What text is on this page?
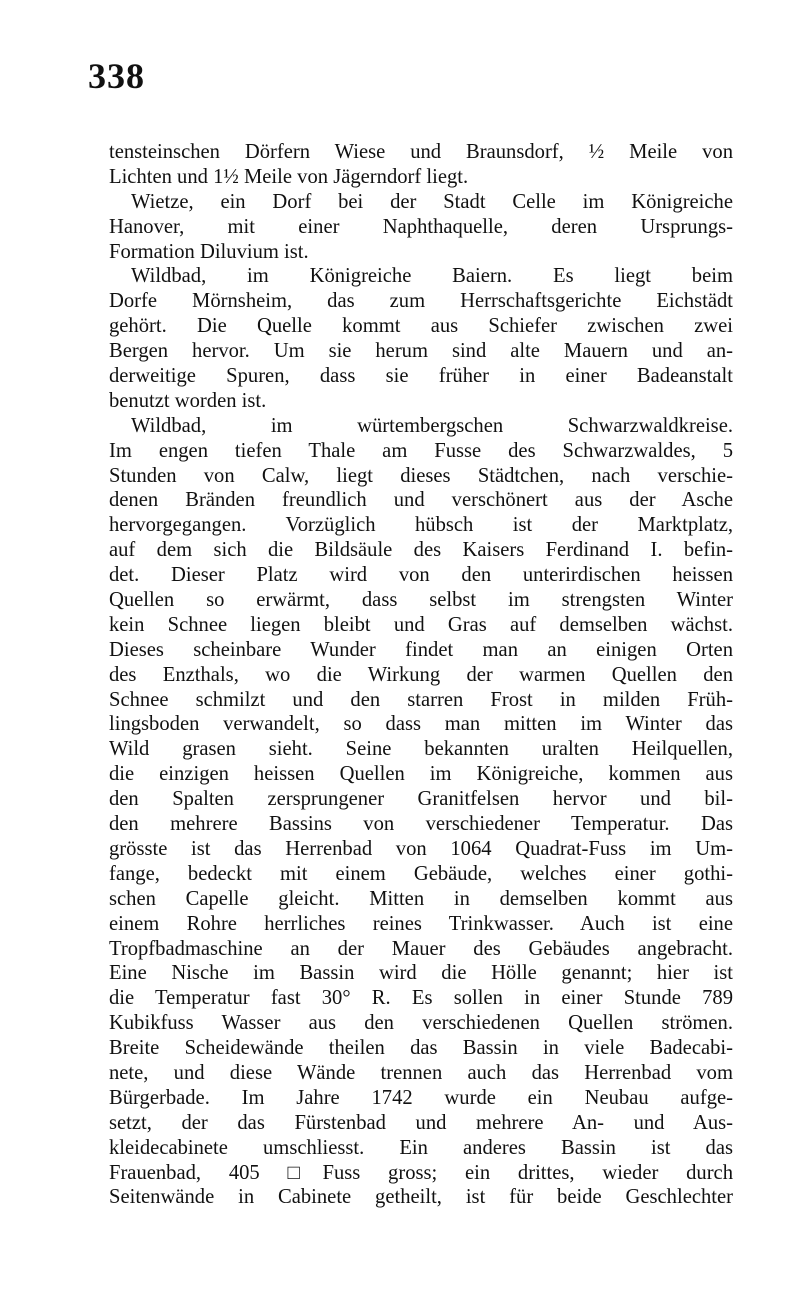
338
tensteinschen Dörfern Wiese und Braunsdorf, ½ Meile von
Lichten und 1½ Meile von Jägerndorf liegt.
Wietze, ein Dorf bei der Stadt Celle im Königreiche
Hanover, mit einer Naphthaquelle, deren Ursprungs-
Formation Diluvium ist.
Wildbad, im Königreiche Baiern. Es liegt beim
Dorfe Mörnsheim, das zum Herrschaftsgerichte Eichstädt
gehört. Die Quelle kommt aus Schiefer zwischen zwei
Bergen hervor. Um sie herum sind alte Mauern und an-
derweitige Spuren, dass sie früher in einer Badeanstalt
benutzt worden ist.
Wildbad, im würtembergschen Schwarzwaldkreise.
Im engen tiefen Thale am Fusse des Schwarzwaldes, 5
Stunden von Calw, liegt dieses Städtchen, nach verschie-
denen Bränden freundlich und verschönert aus der Asche
hervorgegangen. Vorzüglich hübsch ist der Marktplatz,
auf dem sich die Bildsäule des Kaisers Ferdinand I. befin-
det. Dieser Platz wird von den unterirdischen heissen
Quellen so erwärmt, dass selbst im strengsten Winter
kein Schnee liegen bleibt und Gras auf demselben wächst.
Dieses scheinbare Wunder findet man an einigen Orten
des Enzthals, wo die Wirkung der warmen Quellen den
Schnee schmilzt und den starren Frost in milden Früh-
lingsboden verwandelt, so dass man mitten im Winter das
Wild grasen sieht. Seine bekannten uralten Heilquellen,
die einzigen heissen Quellen im Königreiche, kommen aus
den Spalten zersprungener Granitfelsen hervor und bil-
den mehrere Bassins von verschiedener Temperatur. Das
grösste ist das Herrenbad von 1064 Quadrat-Fuss im Um-
fange, bedeckt mit einem Gebäude, welches einer gothi-
schen Capelle gleicht. Mitten in demselben kommt aus
einem Rohre herrliches reines Trinkwasser. Auch ist eine
Tropfbadmaschine an der Mauer des Gebäudes angebracht.
Eine Nische im Bassin wird die Hölle genannt; hier ist
die Temperatur fast 30° R. Es sollen in einer Stunde 789
Kubikfuss Wasser aus den verschiedenen Quellen strömen.
Breite Scheidewände theilen das Bassin in viele Badecabi-
nete, und diese Wände trennen auch das Herrenbad vom
Bürgerbade. Im Jahre 1742 wurde ein Neubau aufge-
setzt, der das Fürstenbad und mehrere An- und Aus-
kleidecabinete umschliesst. Ein anderes Bassin ist das
Frauenbad, 405 □Fuss gross; ein drittes, wieder durch
Seitenwände in Cabinete getheilt, ist für beide Geschlechter
